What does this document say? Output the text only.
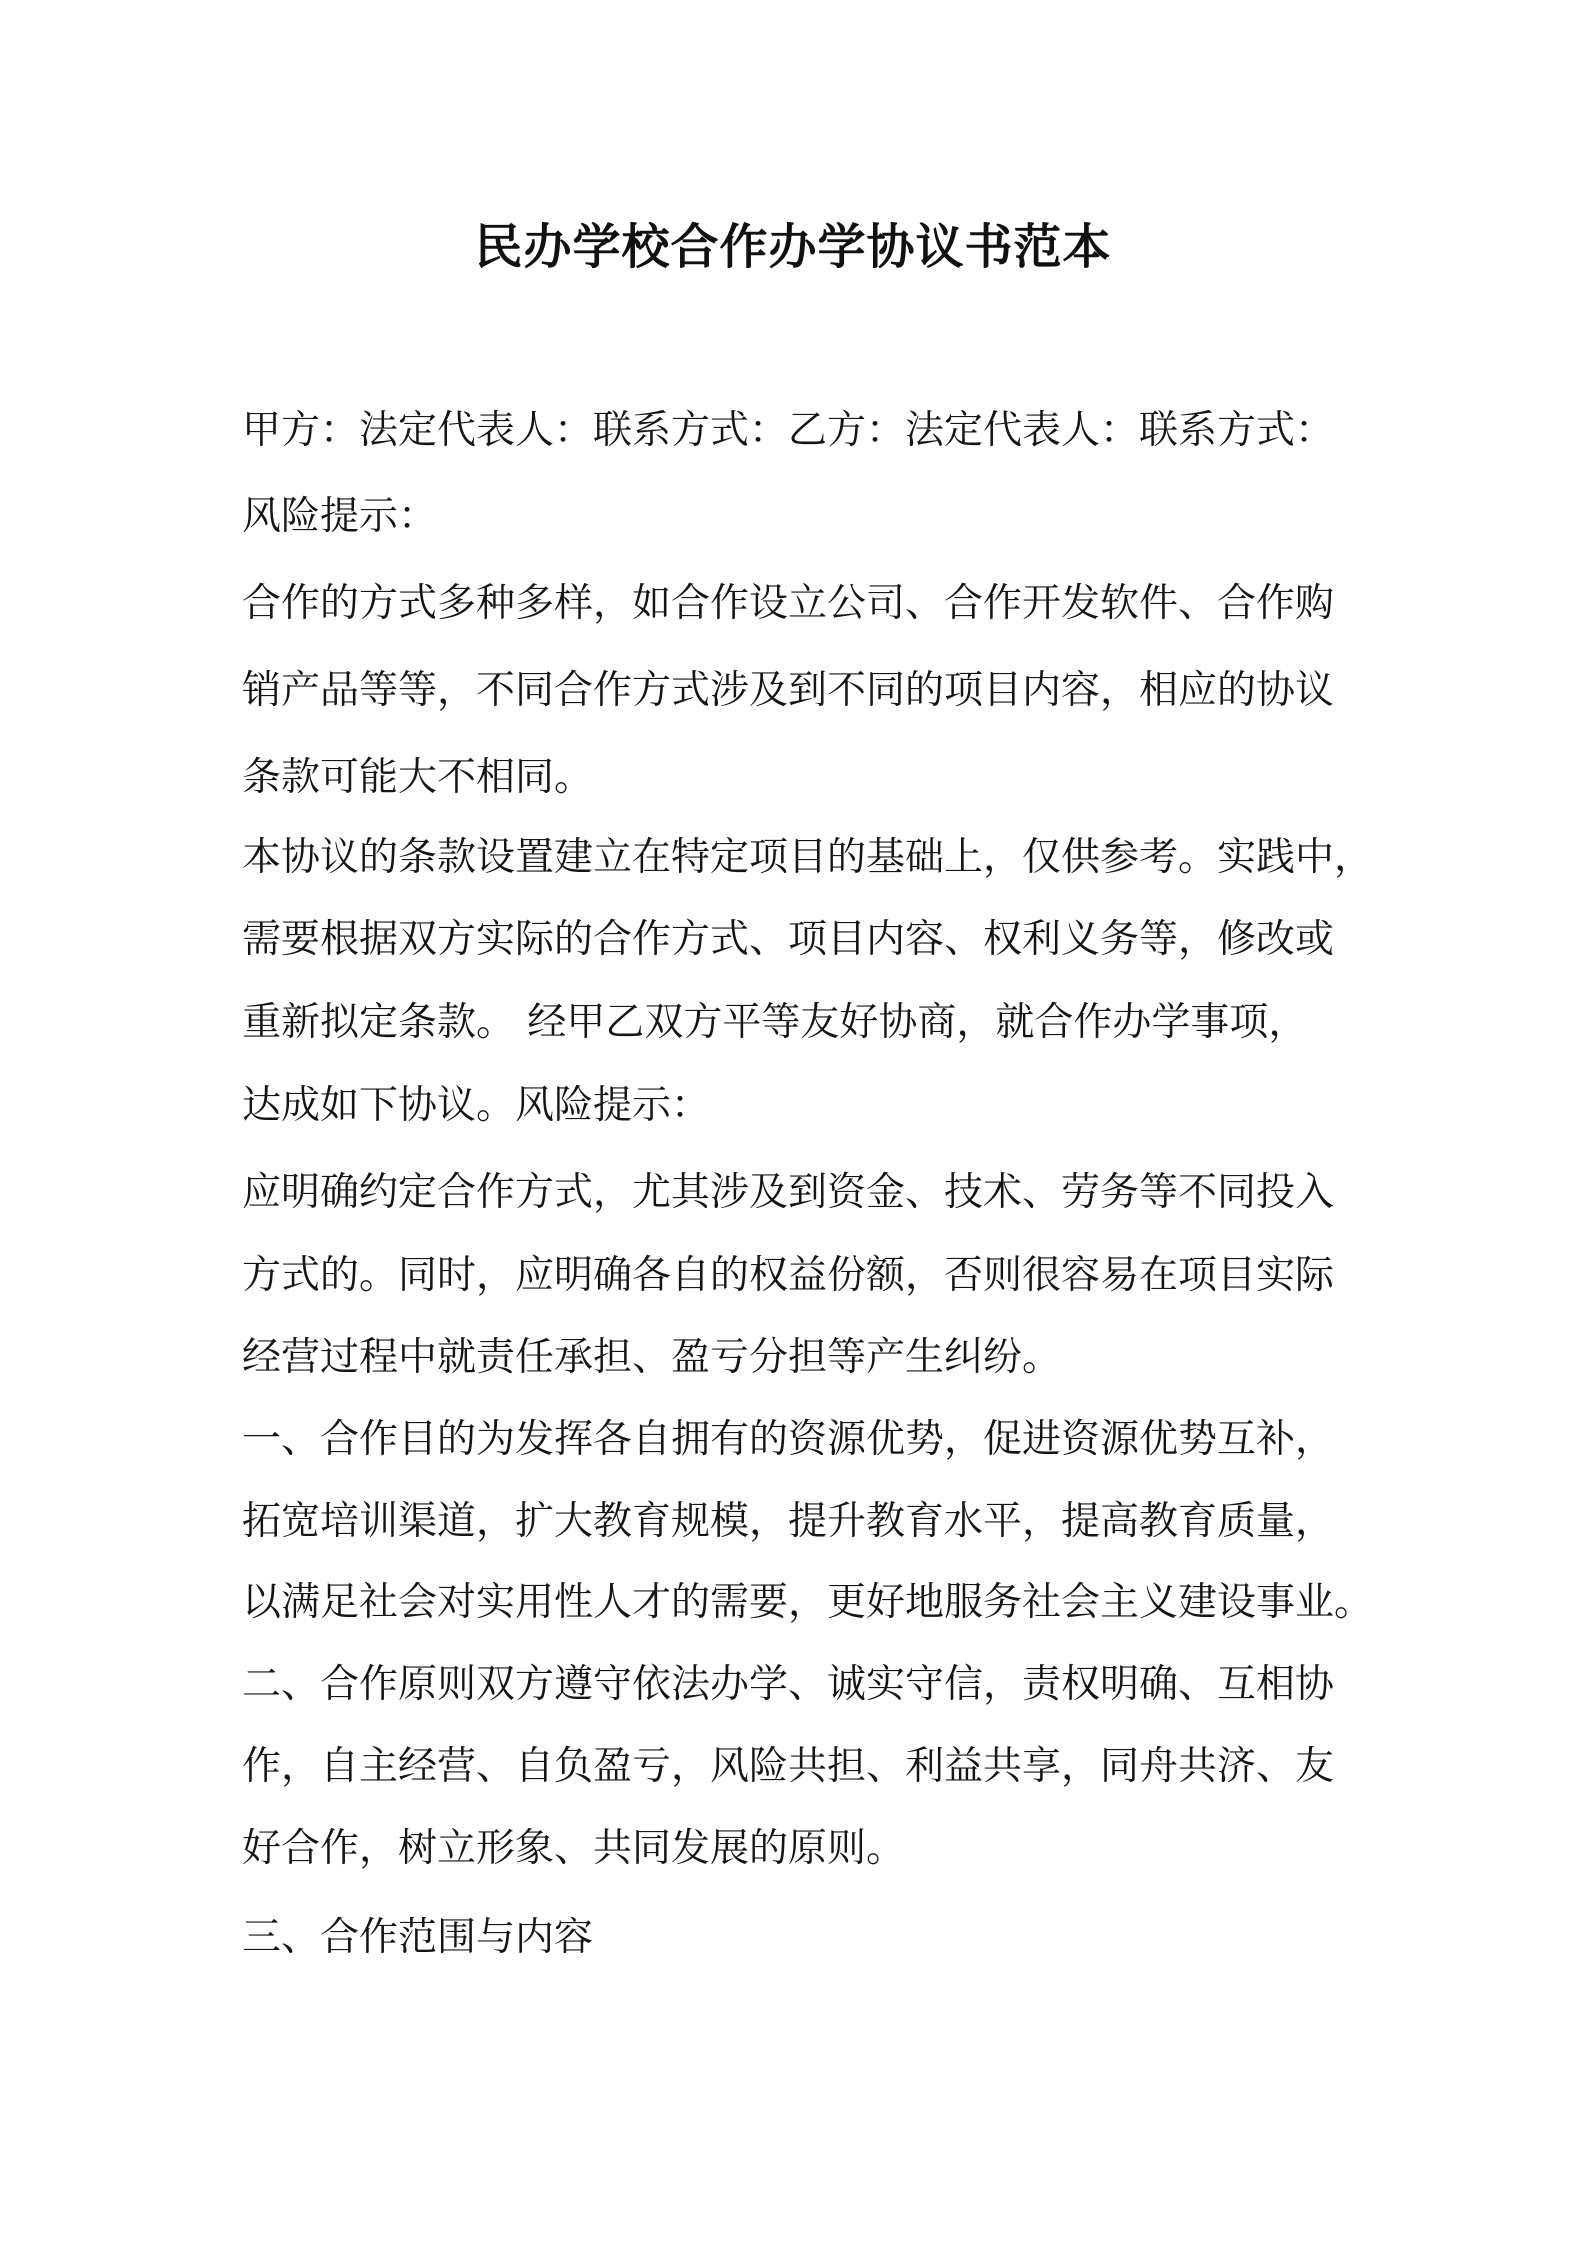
民办学校合作办学协议书范本
甲方：法定代表人：联系方式：乙方：法定代表人：联系方式：
风险提示：
合作的方式多种多样，如合作设立公司、合作开发软件、合作购
销产品等等，不同合作方式涉及到不同的项目内容，相应的协议
条款可能大不相同。
本协议的条款设置建立在特定项目的基础上，仅供参考。实践中，
需要根据双方实际的合作方式、项目内容、权利义务等，修改或
重新拟定条款。 经甲乙双方平等友好协商，就合作办学事项，
达成如下协议。风险提示：
应明确约定合作方式，尤其涉及到资金、技术、劳务等不同投入
方式的。同时，应明确各自的权益份额，否则很容易在项目实际
经营过程中就责任承担、盈亏分担等产生纠纷。
一、合作目的为发挥各自拥有的资源优势，促进资源优势互补，
拓宽培训渠道，扩大教育规模，提升教育水平，提高教育质量，
以满足社会对实用性人才的需要，更好地服务社会主义建设事业。
二、合作原则双方遵守依法办学、诚实守信，责权明确、互相协
作，自主经营、自负盈亏，风险共担、利益共享，同舟共济、友
好合作，树立形象、共同发展的原则。
三、合作范围与内容
